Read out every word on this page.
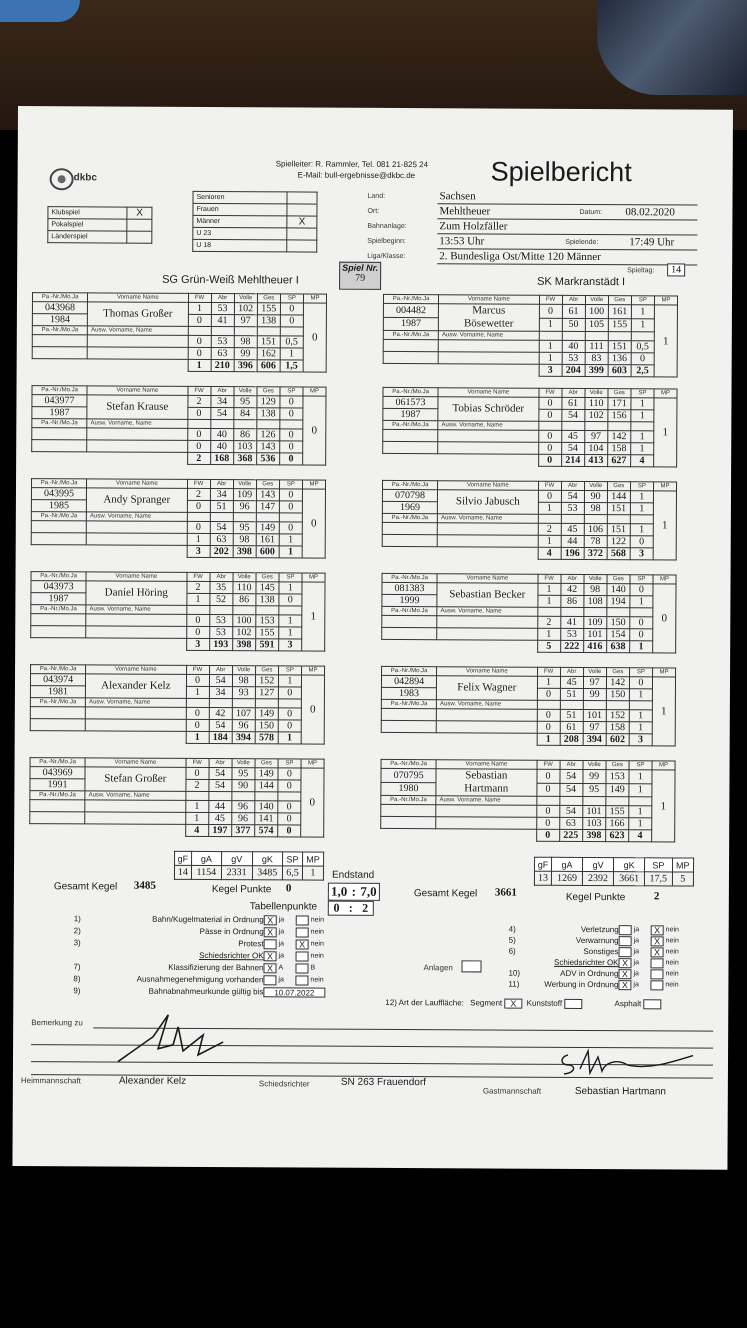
dkbc
Spielleiter: R. Rammler, Tel. 081 21-825 24
E-Mail: bull-ergebnisse@dkbc.de	Spielbericht
Klubspiel	X
Pokalspiel	
Länderspiel	
Senioren	
Frauen	
Männer	X
U 23	
U 18	
Land:	Sachsen
Ort:	Mehltheuer	Datum: 08.02.2020
Bahnanlage:	Zum Holzfäller
Spielbeginn:	13:53 Uhr	Spielende:	17:49 Uhr
Liga/Klasse:	2. Bundesliga Ost/Mitte 120 Männer
Spieltag:	14
Spiel Nr.
79
SG Grün-Weiß Mehltheuer I	SK Markranstädt I
Pa.-Nr./Mo.Ja	Vorname Name	FW	Abr	Volle	Ges	SP	MP
043968	Thomas Großer	1	53	102	155	0	0
1984		0	41	97	138	0	
Pa.-Nr./Mo.Ja	Ausw. Vorname, Name						
		0	53	98	151	0,5	
		0	63	99	162	1	
		1	210	396	606	1,5	
Pa.-Nr./Mo.Ja	Vorname Name	FW	Abr	Volle	Ges	SP	MP
043977	Stefan Krause	2	34	95	129	0	0
1987		0	54	84	138	0	
Pa.-Nr./Mo.Ja	Ausw. Vorname, Name						
		0	40	86	126	0	
		0	40	103	143	0	
		2	168	368	536	0	
Pa.-Nr./Mo.Ja	Vorname Name	FW	Abr	Volle	Ges	SP	MP
043995	Andy Spranger	2	34	109	143	0	0
1985		0	51	96	147	0	
Pa.-Nr./Mo.Ja	Ausw. Vorname, Name						
		0	54	95	149	0	
		1	63	98	161	1	
		3	202	398	600	1	
Pa.-Nr./Mo.Ja	Vorname Name	FW	Abr	Volle	Ges	SP	MP
043973	Daniel Höring	2	35	110	145	1	1
1987		1	52	86	138	0	
Pa.-Nr./Mo.Ja	Ausw. Vorname, Name						
		0	53	100	153	1	
		0	53	102	155	1	
		3	193	398	591	3	
Pa.-Nr./Mo.Ja	Vorname Name	FW	Abr	Volle	Ges	SP	MP
043974	Alexander Kelz	0	54	98	152	1	0
1981		1	34	93	127	0	
Pa.-Nr./Mo.Ja	Ausw. Vorname, Name						
		0	42	107	149	0	
		0	54	96	150	0	
		1	184	394	578	1	
Pa.-Nr./Mo.Ja	Vorname Name	FW	Abr	Volle	Ges	SP	MP
043969	Stefan Großer	0	54	95	149	0	0
1991		2	54	90	144	0	
Pa.-Nr./Mo.Ja	Ausw. Vorname, Name						
		1	44	96	140	0	
		1	45	96	141	0	
		4	197	377	574	0	
Pa.-Nr./Mo.Ja	Vorname Name	FW	Abr	Volle	Ges	SP	MP
004482	Marcus
Bösewetter	0	61	100	161	1	1
1987		1	50	105	155	1	
Pa.-Nr./Mo.Ja	Ausw. Vorname, Name						
		1	40	111	151	0,5	
		1	53	83	136	0	
		3	204	399	603	2,5	
Pa.-Nr./Mo.Ja	Vorname Name	FW	Abr	Volle	Ges	SP	MP
061573	Tobias Schröder	0	61	110	171	1	1
1987		0	54	102	156	1	
Pa.-Nr./Mo.Ja	Ausw. Vorname, Name						
		0	45	97	142	1	
		0	54	104	158	1	
		0	214	413	627	4	
Pa.-Nr./Mo.Ja	Vorname Name	FW	Abr	Volle	Ges	SP	MP
070798	Silvio Jabusch	0	54	90	144	1	1
1969		1	53	98	151	1	
Pa.-Nr./Mo.Ja	Ausw. Vorname, Name						
		2	45	106	151	1	
		1	44	78	122	0	
		4	196	372	568	3	
Pa.-Nr./Mo.Ja	Vorname Name	FW	Abr	Volle	Ges	SP	MP
081383	Sebastian Becker	1	42	98	140	0	0
1999		1	86	108	194	1	
Pa.-Nr./Mo.Ja	Ausw. Vorname, Name						
		2	41	109	150	0	
		1	53	101	154	0	
		5	222	416	638	1	
Pa.-Nr./Mo.Ja	Vorname Name	FW	Abr	Volle	Ges	SP	MP
042894	Felix Wagner	1	45	97	142	0	1
1983		0	51	99	150	1	
Pa.-Nr./Mo.Ja	Ausw. Vorname, Name						
		0	51	101	152	1	
		0	61	97	158	1	
		1	208	394	602	3	
Pa.-Nr./Mo.Ja	Vorname Name	FW	Abr	Volle	Ges	SP	MP
070795	Sebastian
Hartmann	0	54	99	153	1	1
1980		0	54	95	149	1	
Pa.-Nr./Mo.Ja	Ausw. Vorname, Name						
		0	54	101	155	1	
		0	63	103	166	1	
		0	225	398	623	4	
gF	gA	gV	gK	SP	MP
14	1154	2331	3485	6,5	1
gF	gA	gV	gK	SP	MP
13	1269	2392	3661	17,5	5
Endstand
Gesamt Kegel 3485	Kegel Punkte 0	1,0 : 7,0
Tabellenpunkte 0 : 2
Gesamt Kegel 3661	Kegel Punkte	2
1)	Bahn/Kugelmaterial in Ordnung X ja	nein
2)	Pässe in Ordnung X ja	nein
3)	Protest ja	X nein
Schiedsrichter OK X ja	nein
7)	Klassifizierung der Bahnen X A	B
8)	Ausnahmegenehmigung vorhanden ja	nein
9)	Bahnabnahmeurkunde gültig bis	10.07.2022
4)	Verletzung ja	X nein
5)	Verwarnung ja	X nein
6)	Sonstiges ja	X nein
Schiedsrichter OK X ja	nein
10)	ADV in Ordnung X ja	nein
11)	Werbung in Ordnung X ja	nein
Anlagen
12) Art der Lauffläche: Segment X Kunststoff	Asphalt
Bemerkung zu
Heimmannschaft	Alexander Kelz	Schiedsrichter	SN 263 Frauendorf
Gastmannschaft	Sebastian Hartmann
